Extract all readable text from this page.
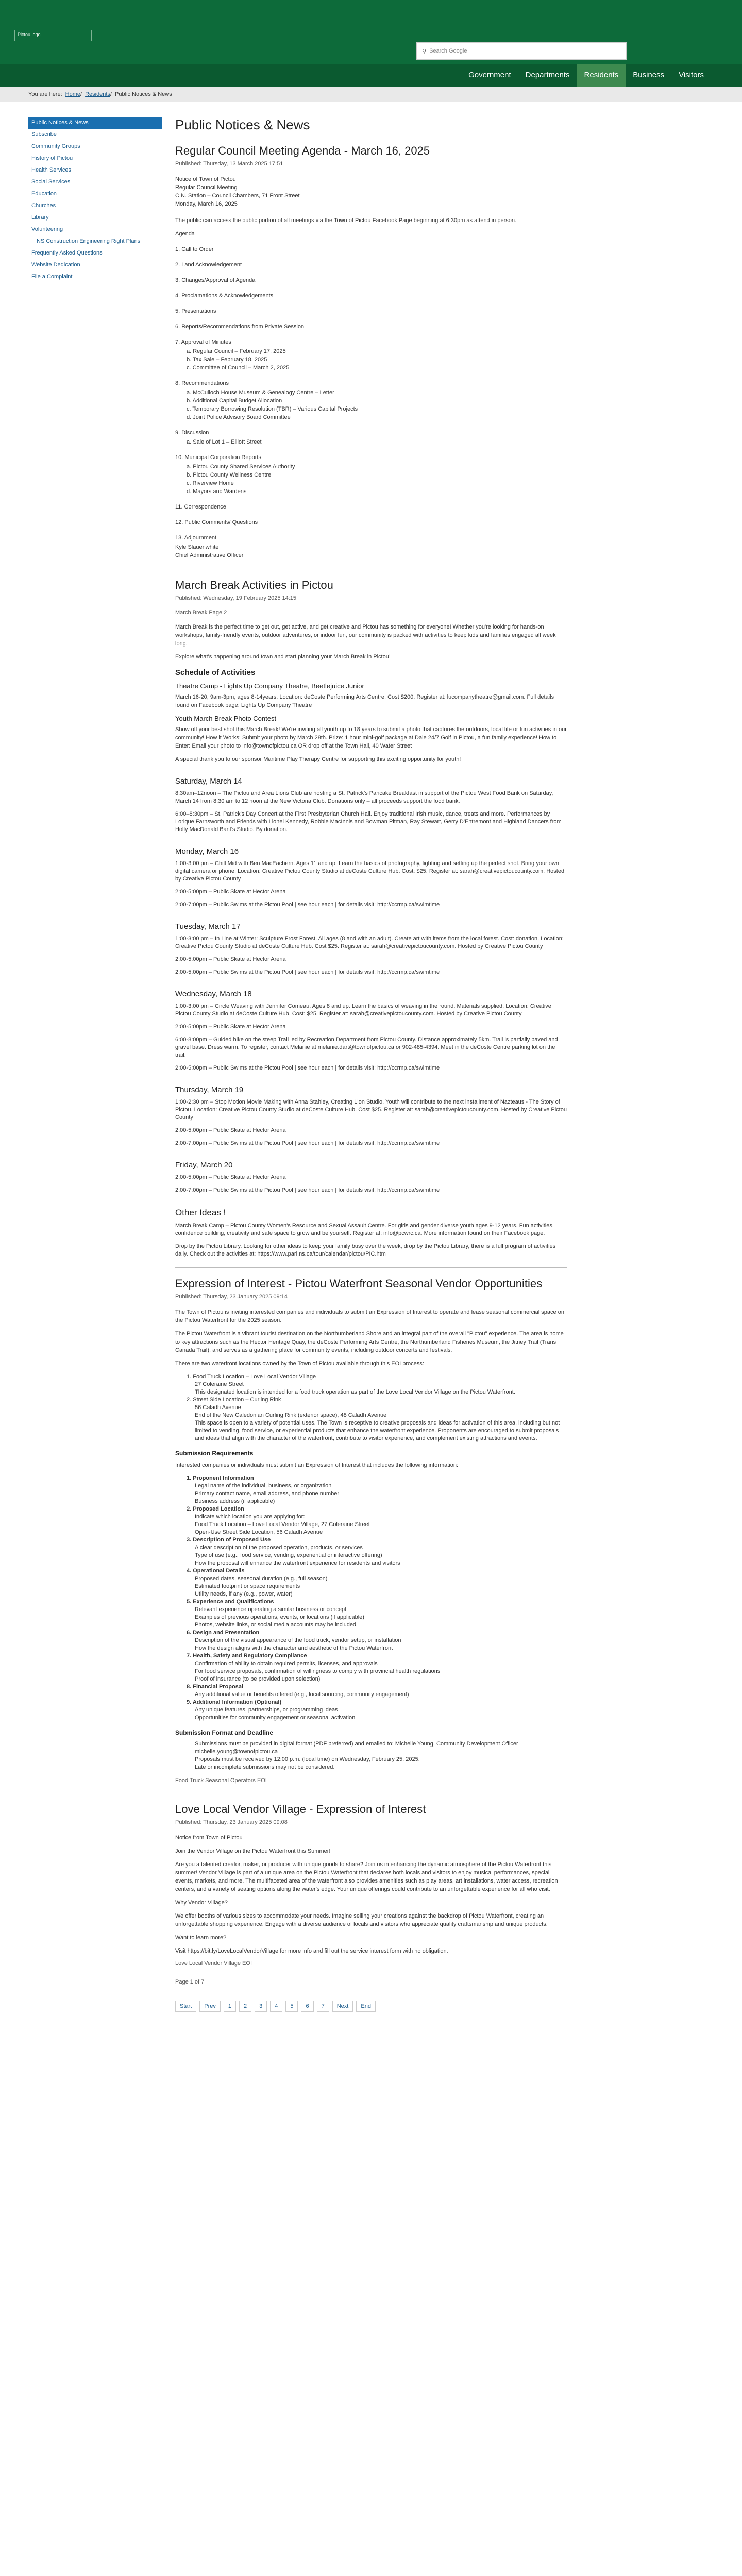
Pictou logo
⚲ Search Google
Government	Departments	Residents	Business	Visitors
You are here: Home / Residents / Public Notices & News
Public Notices & News
Subscribe
Community Groups
History of Pictou
Health Services
Social Services
Education
Churches
Library
Volunteering
NS Construction Engineering Right Plans
Frequently Asked Questions
Website Dedication
File a Complaint
Public Notices & News
Regular Council Meeting Agenda - March 16, 2025
Published: Thursday, 13 March 2025 17:51
Notice of Town of Pictou
Regular Council Meeting
C.N. Station – Council Chambers, 71 Front Street
Monday, March 16, 2025

The public can access the public portion of all meetings via the Town of Pictou Facebook Page beginning at 6:30pm as attend in person.

Agenda

1. Call to Order
2. Land Acknowledgement
3. Changes/Approval of Agenda
4. Proclamations & Acknowledgements
5. Presentations
6. Reports/Recommendations from Private Session
7. Approval of Minutes
a. Regular Council – February 17, 2025
b. Tax Sale – February 18, 2025
c. Committee of Council – March 2, 2025
8. Recommendations
a. McCulloch House Museum & Genealogy Centre – Letter
b. Additional Capital Budget Allocation
c. Temporary Borrowing Resolution (TBR) – Various Capital Projects
d. Joint Police Advisory Board Committee
9. Discussion
a. Sale of Lot 1 – Elliott Street
10. Municipal Corporation Reports
a. Pictou County Shared Services Authority
b. Pictou County Wellness Centre
c. Riverview Home
d. Mayors and Wardens
11. Correspondence
12. Public Comments/ Questions
13. Adjournment
Kyle Slauenwhite
Chief Administrative Officer
March Break Activities in Pictou
Published: Wednesday, 19 February 2025 14:15
March Break Page 2

March Break is the perfect time to get out, get active, and get creative and Pictou has something for everyone! Whether you're looking for hands-on workshops, family-friendly events, outdoor adventures, or indoor fun, our community is packed with activities to keep kids and families engaged all week long.

Explore what's happening around town and start planning your March Break in Pictou!

Schedule of Activities
Theatre Camp - Lights Up Company Theatre, Beetlejuice Junior

March 16-20, 9am-3pm, ages 8-14years. Location: deCoste Performing Arts Centre. Cost $200. Register at: lucompanytheatre@gmail.com. Full details found on Facebook page: Lights Up Company Theatre

Youth March Break Photo Contest

Show off your best shot this March Break! We're inviting all youth up to 18 years to submit a photo that captures the outdoors, local life or fun activities in our community! How it Works: Submit your photo by March 28th. Prize: 1 hour mini-golf package at Dale 24/7 Golf in Pictou, a fun family experience! How to Enter: Email your photo to info@townofpictou.ca OR drop off at the Town Hall, 40 Water Street

A special thank you to our sponsor Maritime Play Therapy Centre for supporting this exciting opportunity for youth!

Saturday, March 14

8:30am–12noon – The Pictou and Area Lions Club are hosting a St. Patrick's Pancake Breakfast in support of the Pictou West Food Bank on Saturday, March 14 from 8:30 am to 12 noon at the New Victoria Club. Donations only – all proceeds support the food bank.

6:00–8:30pm – St. Patrick's Day Concert at the First Presbyterian Church Hall. Enjoy traditional Irish music, dance, treats and more. Performances by Lorique Farnsworth and Friends with Lionel Kennedy, Robbie MacInnis and Bowman Pitman, Ray Stewart, Gerry D'Entremont and Highland Dancers from Holly MacDonald Bant's Studio. By donation.

Monday, March 16

1:00-3:00 pm – Chill Mid with Ben MacEachern. Ages 11 and up. Learn the basics of photography, lighting and setting up the perfect shot. Bring your own digital camera or phone. Location: Creative Pictou County Studio at deCoste Culture Hub. Cost: $25. Register at: sarah@creativepictoucounty.com. Hosted by Creative Pictou County

2:00-5:00pm – Public Skate at Hector Arena

2:00-7:00pm – Public Swims at the Pictou Pool | see hour each | for details visit: http://ccrmp.ca/swimtime

Tuesday, March 17

1:00-3:00 pm – In Line at Winter: Sculpture Frost Forest. All ages (8 and with an adult). Create art with items from the local forest. Cost: donation. Location: Creative Pictou County Studio at deCoste Culture Hub. Cost $25. Register at: sarah@creativepictoucounty.com. Hosted by Creative Pictou County

2:00-5:00pm – Public Skate at Hector Arena

2:00-5:00pm – Public Swims at the Pictou Pool | see hour each | for details visit: http://ccrmp.ca/swimtime

Wednesday, March 18

1:00-3:00 pm – Circle Weaving with Jennifer Comeau. Ages 8 and up. Learn the basics of weaving in the round. Materials supplied. Location: Creative Pictou County Studio at deCoste Culture Hub. Cost: $25. Register at: sarah@creativepictoucounty.com. Hosted by Creative Pictou County

2:00-5:00pm – Public Skate at Hector Arena

6:00-8:00pm – Guided hike on the steep Trail led by Recreation Department from Pictou County. Distance approximately 5km. Trail is partially paved and gravel base. Dress warm. To register, contact Melanie at melanie.dart@townofpictou.ca or 902-485-4394. Meet in the deCoste Centre parking lot on the trail.

2:00-5:00pm – Public Swims at the Pictou Pool | see hour each | for details visit: http://ccrmp.ca/swimtime

Thursday, March 19

1:00-2:30 pm – Stop Motion Movie Making with Anna Stahley, Creating Lion Studio. Youth will contribute to the next installment of Nazteaus - The Story of Pictou. Location: Creative Pictou County Studio at deCoste Culture Hub. Cost $25. Register at: sarah@creativepictoucounty.com. Hosted by Creative Pictou County

2:00-5:00pm – Public Skate at Hector Arena

2:00-7:00pm – Public Swims at the Pictou Pool | see hour each | for details visit: http://ccrmp.ca/swimtime

Friday, March 20

2:00-5:00pm – Public Skate at Hector Arena

2:00-7:00pm – Public Swims at the Pictou Pool | see hour each | for details visit: http://ccrmp.ca/swimtime

Other Ideas !

March Break Camp – Pictou County Women's Resource and Sexual Assault Centre. For girls and gender diverse youth ages 9-12 years. Fun activities, confidence building, creativity and safe space to grow and be yourself. Register at: info@pcwrc.ca. More information found on their Facebook page.

Drop by the Pictou Library. Looking for other ideas to keep your family busy over the week, drop by the Pictou Library, there is a full program of activities daily. Check out the activities at: https://www.parl.ns.ca/tour/calendar/pictou/PIC.htm

Expression of Interest - Pictou Waterfront Seasonal Vendor Opportunities
Published: Thursday, 23 January 2025 09:14

The Town of Pictou is inviting interested companies and individuals to submit an Expression of Interest to operate and lease seasonal commercial space on the Pictou Waterfront for the 2025 season.

The Pictou Waterfront is a vibrant tourist destination on the Northumberland Shore and an integral part of the overall "Pictou" experience. The area is home to key attractions such as the Hector Heritage Quay, the deCoste Performing Arts Centre, the Northumberland Fisheries Museum, the Jitney Trail (Trans Canada Trail), and serves as a gathering place for community events, including outdoor concerts and festivals.

There are two waterfront locations owned by the Town of Pictou available through this EOI process:

1. Food Truck Location – Love Local Vendor Village
27 Coleraine Street
This designated location is intended for a food truck operation as part of the Love Local Vendor Village on the Pictou Waterfront.
2. Street Side Location – Curling Rink
56 Caladh Avenue
End of the New Caledonian Curling Rink (exterior space), 48 Caladh Avenue
This space is open to a variety of potential uses. The Town is receptive to creative proposals and ideas for activation of this area, including but not limited to vending, food service, or experiential products that enhance the waterfront experience. Proponents are encouraged to submit proposals and ideas that align with the character of the waterfront, contribute to visitor experience, and complement existing attractions and events.
Submission Requirements

Interested companies or individuals must submit an Expression of Interest that includes the following information:

1. Proponent Information
Legal name of the individual, business, or organization
Primary contact name, email address, and phone number
Business address (if applicable)
2. Proposed Location
Indicate which location you are applying for:
Food Truck Location – Love Local Vendor Village, 27 Coleraine Street
Open-Use Street Side Location, 56 Caladh Avenue
3. Description of Proposed Use
A clear description of the proposed operation, products, or services
Type of use (e.g., food service, vending, experiential or interactive offering)
How the proposal will enhance the waterfront experience for residents and visitors
4. Operational Details
Proposed dates, seasonal duration (e.g., full season)
Estimated footprint or space requirements
Utility needs, if any (e.g., power, water)
5. Experience and Qualifications
Relevant experience operating a similar business or concept
Examples of previous operations, events, or locations (if applicable)
Photos, website links, or social media accounts may be included
6. Design and Presentation
Description of the visual appearance of the food truck, vendor setup, or installation
How the design aligns with the character and aesthetic of the Pictou Waterfront
7. Health, Safety and Regulatory Compliance
Confirmation of ability to obtain required permits, licenses, and approvals
For food service proposals, confirmation of willingness to comply with provincial health regulations
Proof of insurance (to be provided upon selection)
8. Financial Proposal
Any additional value or benefits offered (e.g., local sourcing, community engagement)
9. Additional Information (Optional)
Any unique features, partnerships, or programming ideas
Opportunities for community engagement or seasonal activation
Submission Format and Deadline
Submissions must be provided in digital format (PDF preferred) and emailed to: Michelle Young, Community Development Officer
michelle.young@townofpictou.ca
Proposals must be received by 12:00 p.m. (local time) on Wednesday, February 25, 2025.
Late or incomplete submissions may not be considered.
Food Truck Seasonal Operators EOI
Love Local Vendor Village - Expression of Interest
Published: Thursday, 23 January 2025 09:08

Notice from Town of Pictou

Join the Vendor Village on the Pictou Waterfront this Summer!

Are you a talented creator, maker, or producer with unique goods to share? Join us in enhancing the dynamic atmosphere of the Pictou Waterfront this summer! Vendor Village is part of a unique area on the Pictou Waterfront that declares both locals and visitors to enjoy musical performances, special events, markets, and more. The multifaceted area of the waterfront also provides amenities such as play areas, art installations, water access, recreation centers, and a variety of seating options along the water's edge. Your unique offerings could contribute to an unforgettable experience for all who visit.

Why Vendor Village?

We offer booths of various sizes to accommodate your needs. Imagine selling your creations against the backdrop of Pictou Waterfront, creating an unforgettable shopping experience. Engage with a diverse audience of locals and visitors who appreciate quality craftsmanship and unique products.

Want to learn more?

Visit https://bit.ly/LoveLocalVendorVillage for more info and fill out the service interest form with no obligation.

Love Local Vendor Village EOI
Page 1 of 7
Start	Prev	1	2	3	4	5	6	7	Next	End
